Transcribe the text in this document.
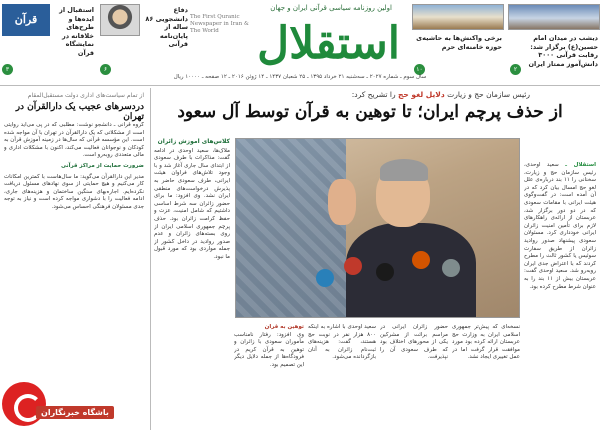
دیشب در میدان امام حسین(ع) برگزار شد: رقابت قرآنی ۳۰۰۰ دانش‌آموز ممتاز ایران
۲
برخی واکنش‌ها به حاشیه‌ی حوزه خامنه‌ای حرم
۱۰
اولین روزنامه سیاسی قرآنی ایران و جهان
The First Quranic Newspaper in Iran & The World استقلال
دفاع دانشجویی ۸۶ ساله از پایان‌نامه قرآنی
۶
قرآن
استقبال از ایده‌ها و طرح‌های خلاقانه در نمایشگاه قرآن
۳
سال سوم ـ شماره ۲۰۲۷ ـ سه‌شنبه ۲۱ خرداد ۱۳۹۵ ـ ۲۵ شعبان ۱۴۳۷ ـ ۱۴ ژوئن ۲۰۱۶ ـ ۱۲ صفحه ـ ۱۰۰۰۰ ریال
رئیس سازمان حج و زیارت دلایل لغو حج را تشریح کرد:
از حذف پرچم ایران؛ تا توهین به قرآن توسط آل سعود
استقلال ـ سعید اوحدی، رئیس سازمان حج و زیارت، سخنانی را ۱۱ بند درباره‌ی علل لغو حج امسال بیان کرد که در آن آمده است: در گفت‌وگوی هیئت ایرانی با مقامات سعودی که در دو دور برگزار شد، عربستان از ارائه‌ی راهکارهای لازم برای تأمین امنیت زائران ایرانی خودداری کرد. مسئولان سعودی پیشنهاد صدور روادید زائران از طریق سفارت سوئیس یا کشور ثالث را مطرح کردند که با اعتراض جدی ایران روبه‌رو شد. سعید اوحدی گفت: عربستان بیش از ۱۱ بند را به عنوان شرط مطرح کرده بود.
کلاس‌های آموزش زائران
ملاک‌ها، سعید اوحدی در ادامه گفت: مذاکرات با طرف سعودی از ابتدای سال جاری آغاز شد و با وجود تلاش‌های فراوان هیئت ایرانی، طرف سعودی حاضر به پذیرش درخواست‌های منطقی ایران نشد. وی افزود: ما برای حضور زائران سه شرط اساسی داشتیم که شامل امنیت، عزت و حفظ کرامت زائران بود. حذف پرچم جمهوری اسلامی ایران از روی بسته‌های زائران و عدم صدور روادید در داخل کشور از جمله مواردی بود که مورد قبول ما نبود.
نسخه‌ای که پیش‌تر جمهوری اسلامی ایران به وزارت حج عربستان ارائه کرده بود مورد موافقت قرار گرفت اما در عمل تغییری ایجاد نشد.
حضور زائران ایرانی در مراسم برائت از مشرکین یکی از محورهای اختلاف بود که طرف سعودی آن را نپذیرفت.
سعید اوحدی با اشاره به اینکه ۸۰۰ هزار نفر در نوبت حج هستند، گفت: هزینه‌های ثبت‌نام زائران به آنان بازگردانده می‌شود.
توهین به قرآن
وی افزود: رفتار نامناسب مأموران سعودی با زائران و توهین به قرآن کریم در فرودگاه‌ها از جمله دلایل دیگر این تصمیم بود.
از تمام سیاست‌های اداری دولت مستقبل‌المقام
دردسرهای عجیب یک دارالقرآن در تهران
گروه قرآنی ـ دانشجو نوشت: مطلبی که در پی می‌آید روایتی است از مشکلاتی که یک دارالقرآن در تهران با آن مواجه شده است. این مؤسسه قرآنی که سال‌ها در زمینه آموزش قرآن به کودکان و نوجوانان فعالیت می‌کند، اکنون با مشکلات اداری و مالی متعددی روبه‌رو است.
ضرورت حمایت از مراکز قرآنی
مدیر این دارالقرآن می‌گوید: ما سال‌هاست با کمترین امکانات کار می‌کنیم و هیچ حمایتی از سوی نهادهای مسئول دریافت نکرده‌ایم. اجاره‌بهای سنگین ساختمان و هزینه‌های جاری، ادامه فعالیت را با دشواری مواجه کرده است و نیاز به توجه جدی مسئولان فرهنگی احساس می‌شود.
باشگاه خبرنگاران
